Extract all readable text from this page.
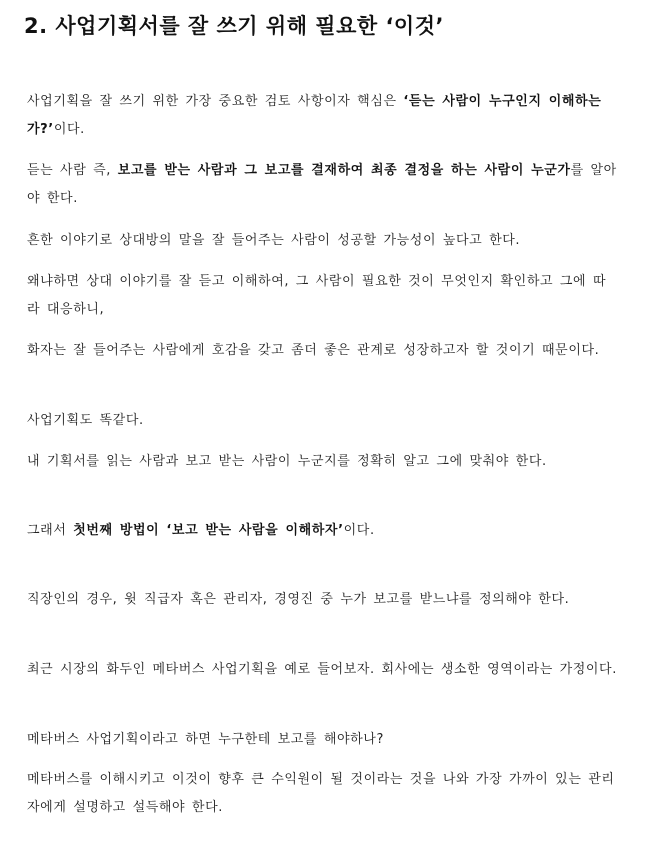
2. 사업기획서를 잘 쓰기 위해 필요한 ‘이것’

사업기획을 잘 쓰기 위한 가장 중요한 검토 사항이자 핵심은 ‘듣는 사람이 누구인지 이해하는가?’이다.

듣는 사람 즉, 보고를 받는 사람과 그 보고를 결재하여 최종 결정을 하는 사람이 누군가를 알아야 한다.

흔한 이야기로 상대방의 말을 잘 들어주는 사람이 성공할 가능성이 높다고 한다.

왜냐하면 상대 이야기를 잘 듣고 이해하여, 그 사람이 필요한 것이 무엇인지 확인하고 그에 따라 대응하니,

화자는 잘 들어주는 사람에게 호감을 갖고 좀더 좋은 관계로 성장하고자 할 것이기 때문이다.

사업기획도 똑같다.

내 기획서를 읽는 사람과 보고 받는 사람이 누군지를 정확히 알고 그에 맞춰야 한다.

그래서 첫번째 방법이 ‘보고 받는 사람을 이해하자’이다.

직장인의 경우, 윗 직급자 혹은 관리자, 경영진 중 누가 보고를 받느냐를 정의해야 한다.

최근 시장의 화두인 메타버스 사업기획을 예로 들어보자. 회사에는 생소한 영역이라는 가정이다.

메타버스 사업기획이라고 하면 누구한테 보고를 해야하나?

메타버스를 이해시키고 이것이 향후 큰 수익원이 될 것이라는 것을 나와 가장 가까이 있는 관리자에게 설명하고 설득해야 한다.
